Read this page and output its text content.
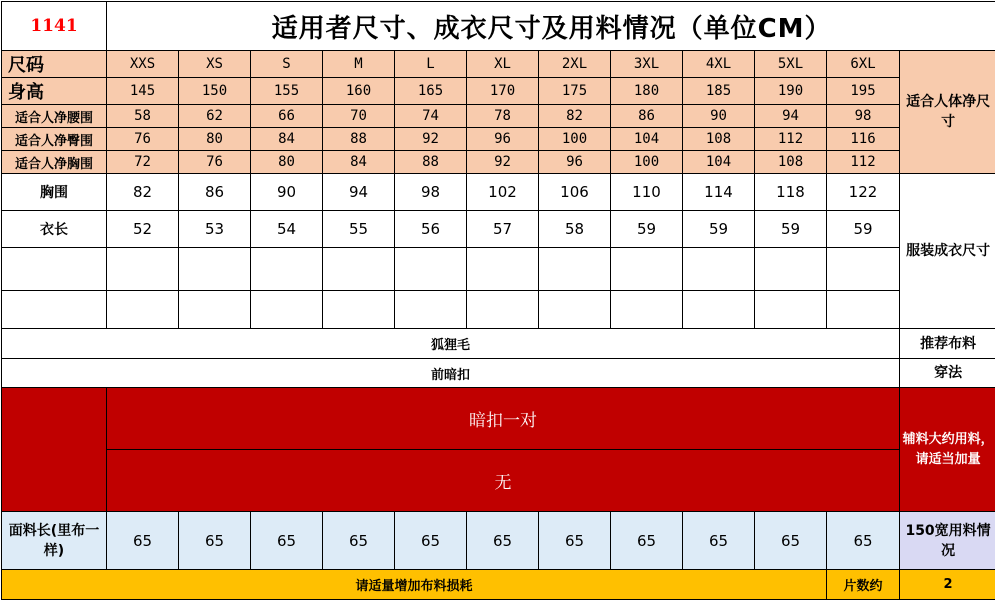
1141	适用者尺寸、成衣尺寸及用料情况（单位CM）											
尺码	XXS	XS	S	M	L	XL	2XL	3XL	4XL	5XL	6XL	适合人体净尺寸
身高	145	150	155	160	165	170	175	180	185	190	195	
适合人净腰围	58	62	66	70	74	78	82	86	90	94	98	
适合人净臀围	76	80	84	88	92	96	100	104	108	112	116	
适合人净胸围	72	76	80	84	88	92	96	100	104	108	112	
胸围	82	86	90	94	98	102	106	110	114	118	122	服装成衣尺寸
衣长	52	53	54	55	56	57	58	59	59	59	59	

狐狸毛												推荐布料
前暗扣												穿法
	暗扣一对											辅料大约用料，请适当加量
	无											
面料长(里布一样)	65	65	65	65	65	65	65	65	65	65	65	150宽用料情况
请适量增加布料损耗											片数约	2
